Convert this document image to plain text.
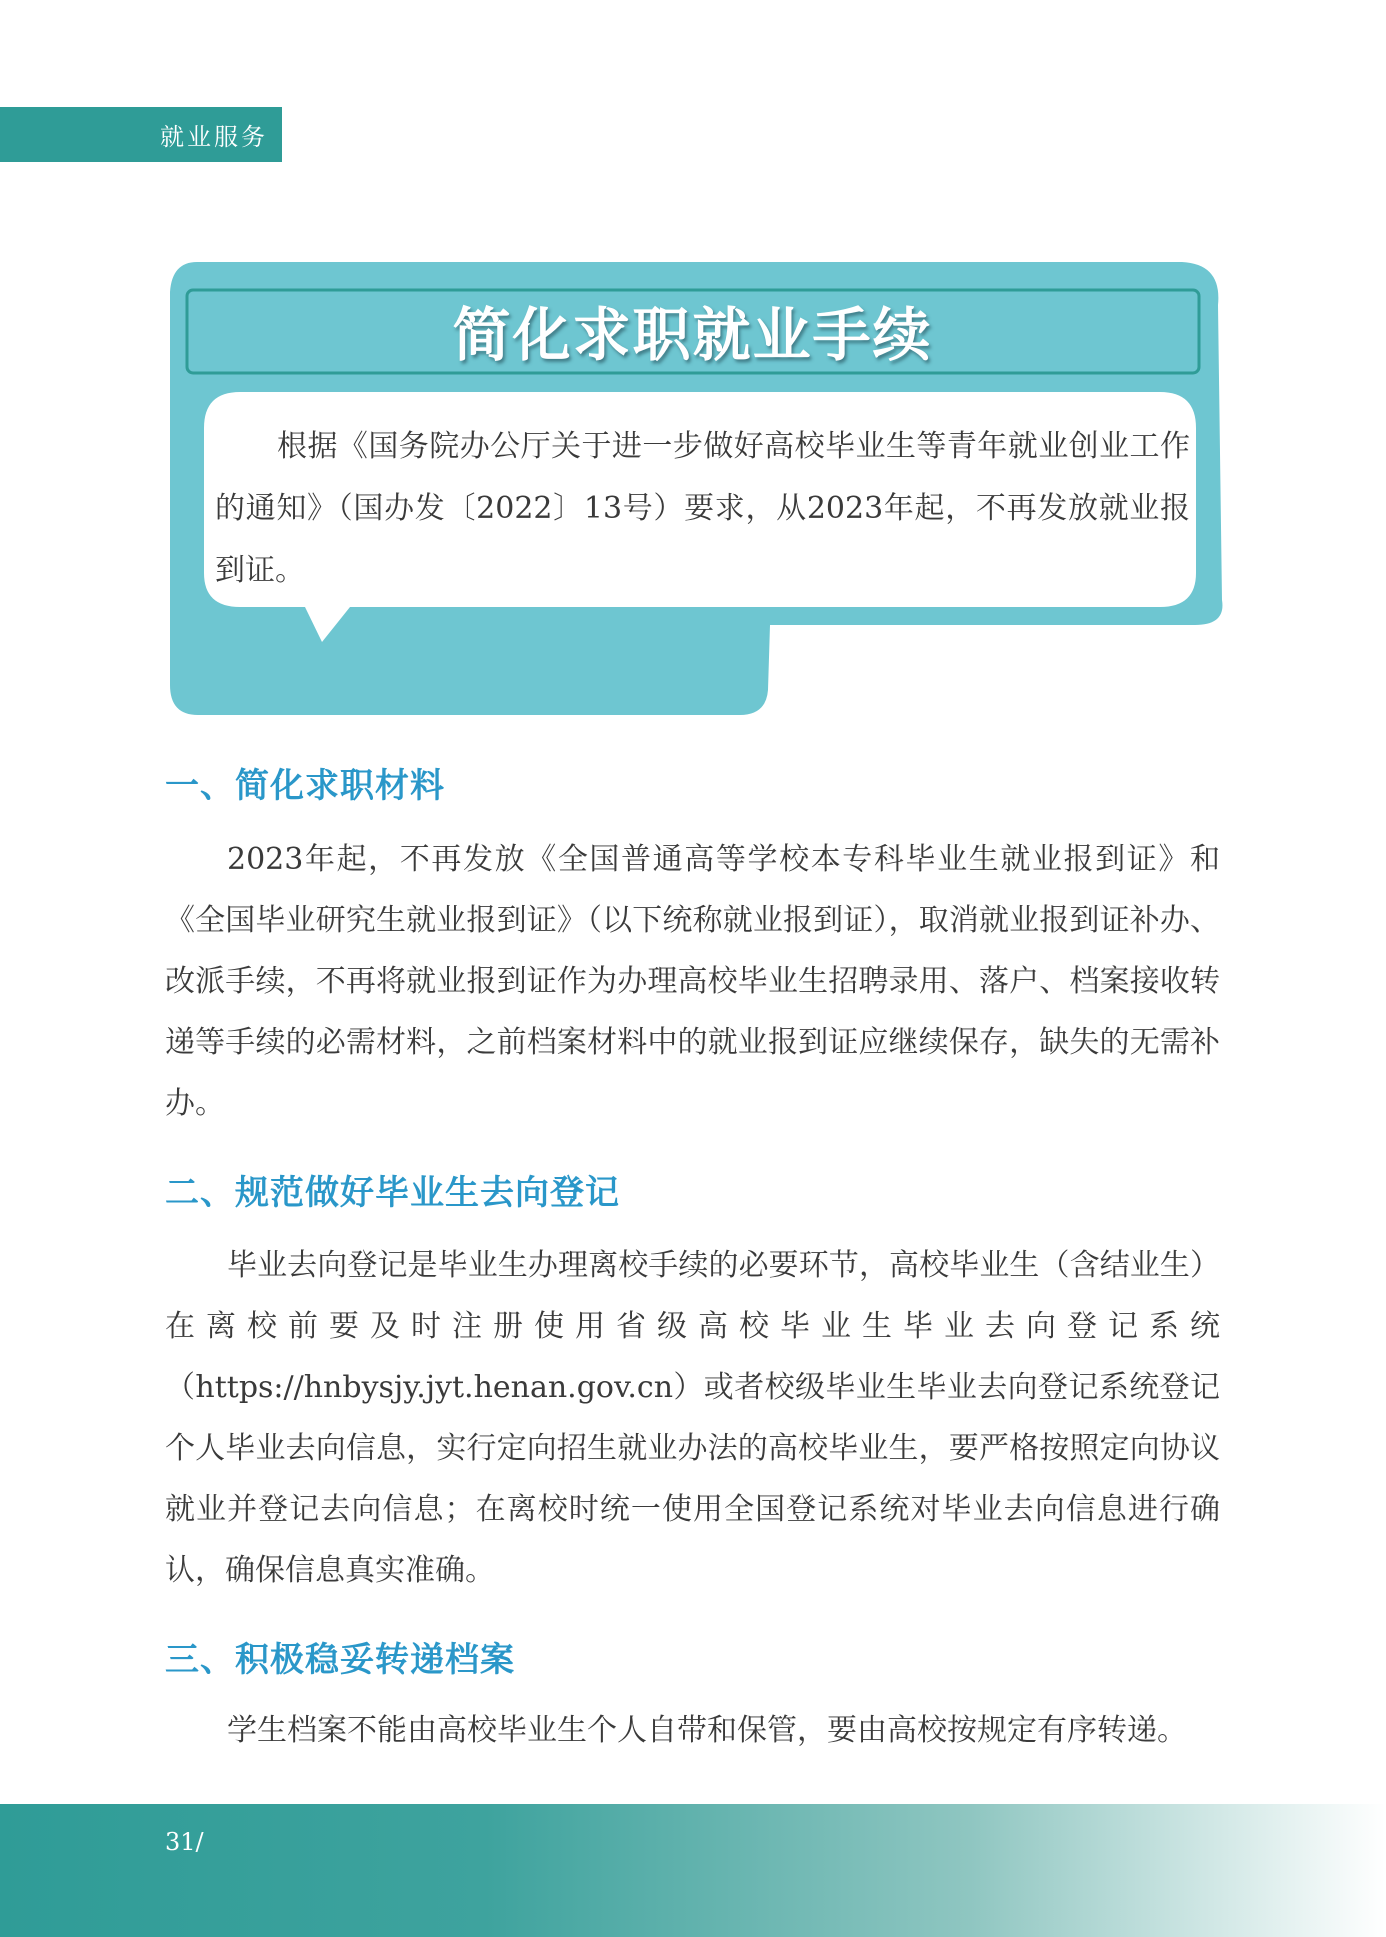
就业服务
简化求职就业手续
根据《国务院办公厅关于进一步做好高校毕业生等青年就业创业工作的通知》（国办发〔2022〕13号）要求，从2023年起，不再发放就业报到证。
一、简化求职材料
2023年起，不再发放《全国普通高等学校本专科毕业生就业报到证》和《全国毕业研究生就业报到证》（以下统称就业报到证），取消就业报到证补办、改派手续，不再将就业报到证作为办理高校毕业生招聘录用、落户、档案接收转递等手续的必需材料，之前档案材料中的就业报到证应继续保存，缺失的无需补办。
二、规范做好毕业生去向登记
毕业去向登记是毕业生办理离校手续的必要环节，高校毕业生（含结业生）在离校前要及时注册使用省级高校毕业生毕业去向登记系统（https://hnbysjy.jyt.henan.gov.cn）或者校级毕业生毕业去向登记系统登记个人毕业去向信息，实行定向招生就业办法的高校毕业生，要严格按照定向协议就业并登记去向信息；在离校时统一使用全国登记系统对毕业去向信息进行确认，确保信息真实准确。
三、积极稳妥转递档案
学生档案不能由高校毕业生个人自带和保管，要由高校按规定有序转递。
31/
